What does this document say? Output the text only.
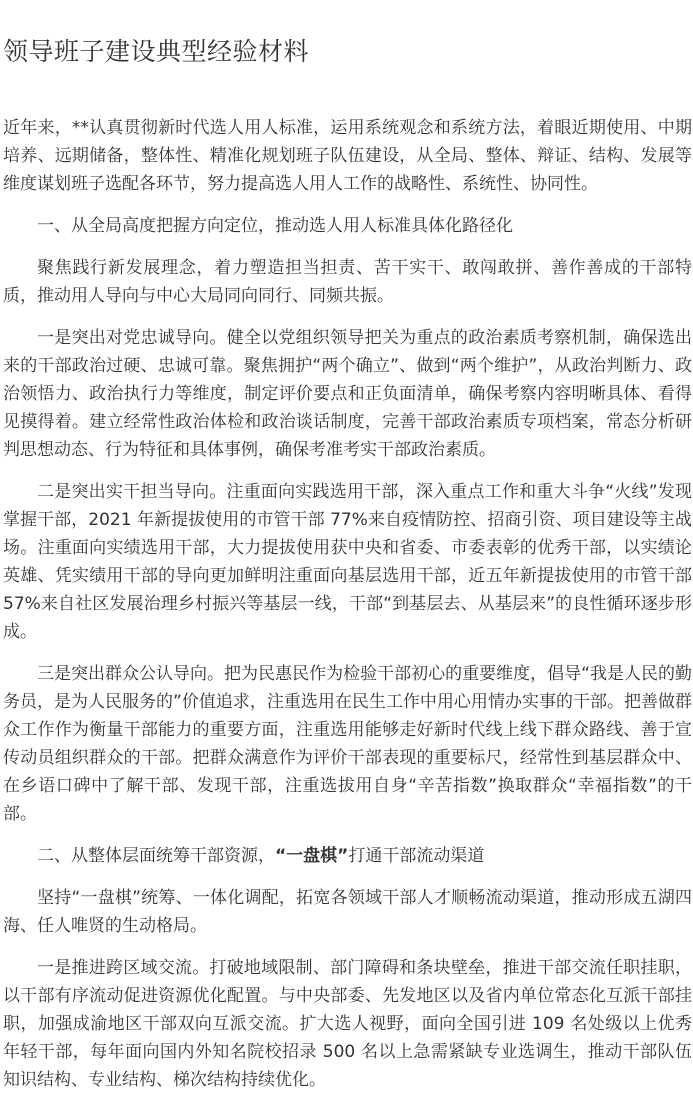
领导班子建设典型经验材料

近年来，**认真贯彻新时代选人用人标准，运用系统观念和系统方法，着眼近期使用、中期培养、远期储备，整体性、精准化规划班子队伍建设，从全局、整体、辩证、结构、发展等维度谋划班子选配各环节，努力提高选人用人工作的战略性、系统性、协同性。

一、从全局高度把握方向定位，推动选人用人标准具体化路径化

聚焦践行新发展理念，着力塑造担当担责、苦干实干、敢闯敢拼、善作善成的干部特质，推动用人导向与中心大局同向同行、同频共振。

一是突出对党忠诚导向。健全以党组织领导把关为重点的政治素质考察机制，确保选出来的干部政治过硬、忠诚可靠。聚焦拥护“两个确立”、做到“两个维护”，从政治判断力、政治领悟力、政治执行力等维度，制定评价要点和正负面清单，确保考察内容明晰具体、看得见摸得着。建立经常性政治体检和政治谈话制度，完善干部政治素质专项档案，常态分析研判思想动态、行为特征和具体事例，确保考准考实干部政治素质。

二是突出实干担当导向。注重面向实践选用干部，深入重点工作和重大斗争“火线”发现掌握干部，2021 年新提拔使用的市管干部 77%来自疫情防控、招商引资、项目建设等主战场。注重面向实绩选用干部，大力提拔使用获中央和省委、市委表彰的优秀干部，以实绩论英雄、凭实绩用干部的导向更加鲜明注重面向基层选用干部，近五年新提拔使用的市管干部 57%来自社区发展治理乡村振兴等基层一线，干部“到基层去、从基层来”的良性循环逐步形成。

三是突出群众公认导向。把为民惠民作为检验干部初心的重要维度，倡导“我是人民的勤务员，是为人民服务的”价值追求，注重选用在民生工作中用心用情办实事的干部。把善做群众工作作为衡量干部能力的重要方面，注重选用能够走好新时代线上线下群众路线、善于宣传动员组织群众的干部。把群众满意作为评价干部表现的重要标尺，经常性到基层群众中、在乡语口碑中了解干部、发现干部，注重选拔用自身“辛苦指数”换取群众“幸福指数”的干部。

二、从整体层面统筹干部资源，“一盘棋”打通干部流动渠道

坚持“一盘棋”统筹、一体化调配，拓宽各领域干部人才顺畅流动渠道，推动形成五湖四海、任人唯贤的生动格局。

一是推进跨区域交流。打破地域限制、部门障碍和条块壁垒，推进干部交流任职挂职，以干部有序流动促进资源优化配置。与中央部委、先发地区以及省内单位常态化互派干部挂职，加强成渝地区干部双向互派交流。扩大选人视野，面向全国引进 109 名处级以上优秀年轻干部，每年面向国内外知名院校招录 500 名以上急需紧缺专业选调生，推动干部队伍知识结构、专业结构、梯次结构持续优化。
